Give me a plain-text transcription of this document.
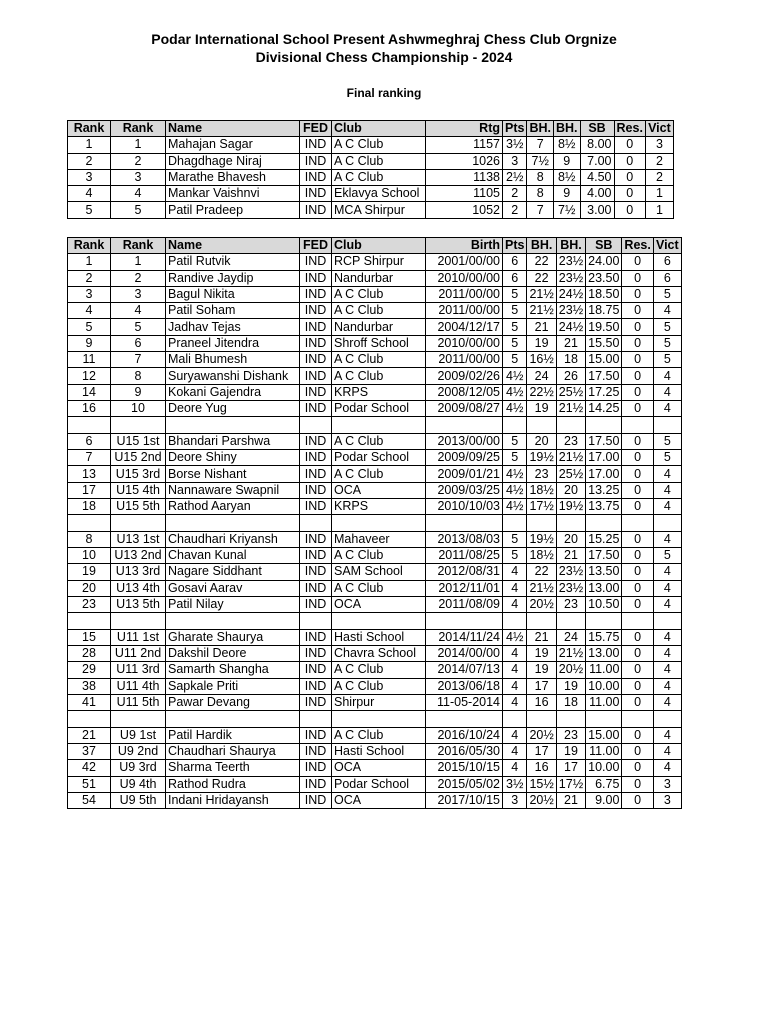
Podar International School Present Ashwmeghraj Chess Club Orgnize
Divisional Chess Championship - 2024
Final ranking
Rank	Rank	Name	FED	Club	Rtg	Pts	BH.	BH.	SB	Res.	Vict
1	1	Mahajan Sagar	IND	A C Club	1157	3½	7	8½	8.00	0	3
2	2	Dhagdhage Niraj	IND	A C Club	1026	3	7½	9	7.00	0	2
3	3	Marathe Bhavesh	IND	A C Club	1138	2½	8	8½	4.50	0	2
4	4	Mankar Vaishnvi	IND	Eklavya School	1105	2	8	9	4.00	0	1
5	5	Patil Pradeep	IND	MCA Shirpur	1052	2	7	7½	3.00	0	1
Rank	Rank	Name	FED	Club	Birth	Pts	BH.	BH.	SB	Res.	Vict
1	1	Patil Rutvik	IND	RCP Shirpur	2001/00/00	6	22	23½	24.00	0	6
2	2	Randive Jaydip	IND	Nandurbar	2010/00/00	6	22	23½	23.50	0	6
3	3	Bagul Nikita	IND	A C Club	2011/00/00	5	21½	24½	18.50	0	5
4	4	Patil Soham	IND	A C Club	2011/00/00	5	21½	23½	18.75	0	4
5	5	Jadhav Tejas	IND	Nandurbar	2004/12/17	5	21	24½	19.50	0	5
9	6	Praneel Jitendra	IND	Shroff School	2010/00/00	5	19	21	15.50	0	5
11	7	Mali Bhumesh	IND	A C Club	2011/00/00	5	16½	18	15.00	0	5
12	8	Suryawanshi Dishank	IND	A C Club	2009/02/26	4½	24	26	17.50	0	4
14	9	Kokani Gajendra	IND	KRPS	2008/12/05	4½	22½	25½	17.25	0	4
16	10	Deore Yug	IND	Podar School	2009/08/27	4½	19	21½	14.25	0	4

6	U15 1st	Bhandari Parshwa	IND	A C Club	2013/00/00	5	20	23	17.50	0	5
7	U15 2nd	Deore Shiny	IND	Podar School	2009/09/25	5	19½	21½	17.00	0	5
13	U15 3rd	Borse Nishant	IND	A C Club	2009/01/21	4½	23	25½	17.00	0	4
17	U15 4th	Nannaware Swapnil	IND	OCA	2009/03/25	4½	18½	20	13.25	0	4
18	U15 5th	Rathod Aaryan	IND	KRPS	2010/10/03	4½	17½	19½	13.75	0	4

8	U13 1st	Chaudhari Kriyansh	IND	Mahaveer	2013/08/03	5	19½	20	15.25	0	4
10	U13 2nd	Chavan Kunal	IND	A C Club	2011/08/25	5	18½	21	17.50	0	5
19	U13 3rd	Nagare Siddhant	IND	SAM School	2012/08/31	4	22	23½	13.50	0	4
20	U13 4th	Gosavi Aarav	IND	A C Club	2012/11/01	4	21½	23½	13.00	0	4
23	U13 5th	Patil Nilay	IND	OCA	2011/08/09	4	20½	23	10.50	0	4

15	U11 1st	Gharate Shaurya	IND	Hasti School	2014/11/24	4½	21	24	15.75	0	4
28	U11 2nd	Dakshil Deore	IND	Chavra School	2014/00/00	4	19	21½	13.00	0	4
29	U11 3rd	Samarth Shangha	IND	A C Club	2014/07/13	4	19	20½	11.00	0	4
38	U11 4th	Sapkale Priti	IND	A C Club	2013/06/18	4	17	19	10.00	0	4
41	U11 5th	Pawar Devang	IND	Shirpur	11-05-2014	4	16	18	11.00	0	4

21	U9 1st	Patil Hardik	IND	A C Club	2016/10/24	4	20½	23	15.00	0	4
37	U9 2nd	Chaudhari Shaurya	IND	Hasti School	2016/05/30	4	17	19	11.00	0	4
42	U9 3rd	Sharma Teerth	IND	OCA	2015/10/15	4	16	17	10.00	0	4
51	U9 4th	Rathod Rudra	IND	Podar School	2015/05/02	3½	15½	17½	6.75	0	3
54	U9 5th	Indani Hridayansh	IND	OCA	2017/10/15	3	20½	21	9.00	0	3
